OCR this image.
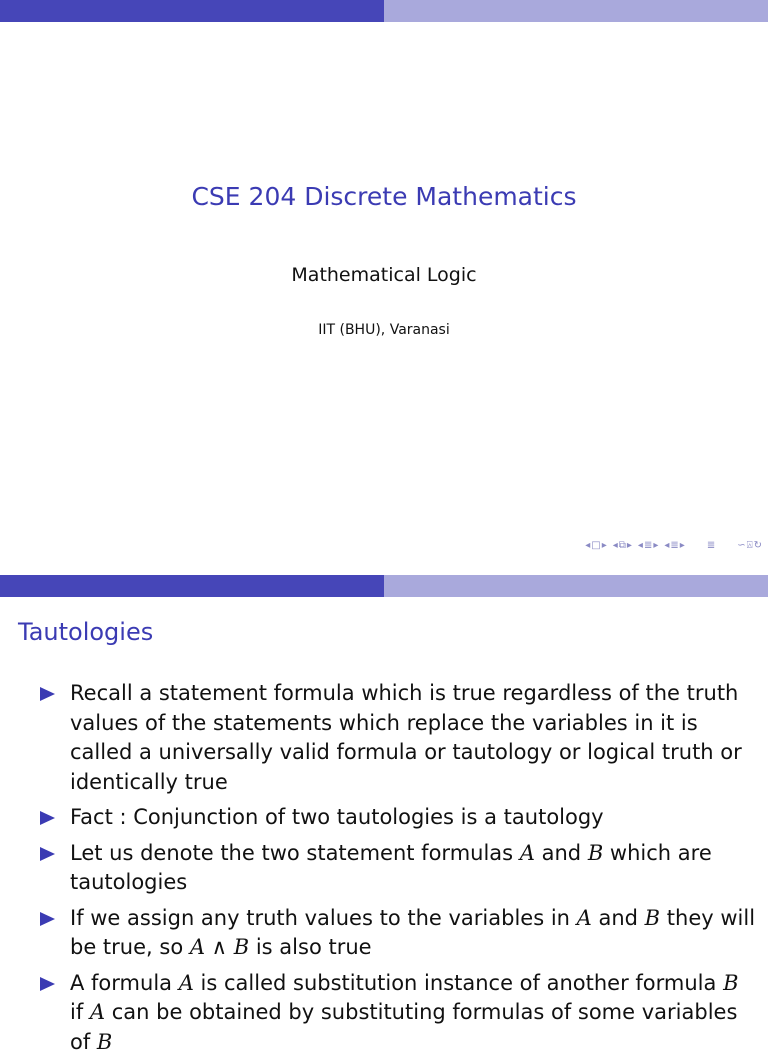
CSE 204 Discrete Mathematics
Mathematical Logic
IIT (BHU), Varanasi
◂ □ ▸ ◂ ⧉ ▸ ◂ ≣ ▸ ◂ ≣ ▸ ≣ ∽ ⍓ ↻
Tautologies
Recall a statement formula which is true regardless of the truth values of the statements which replace the variables in it is called a universally valid formula or tautology or logical truth or identically true
Fact : Conjunction of two tautologies is a tautology
Let us denote the two statement formulas A and B which are tautologies
If we assign any truth values to the variables in A and B they will be true, so A ∧ B is also true
A formula A is called substitution instance of another formula B if A can be obtained by substituting formulas of some variables of B
